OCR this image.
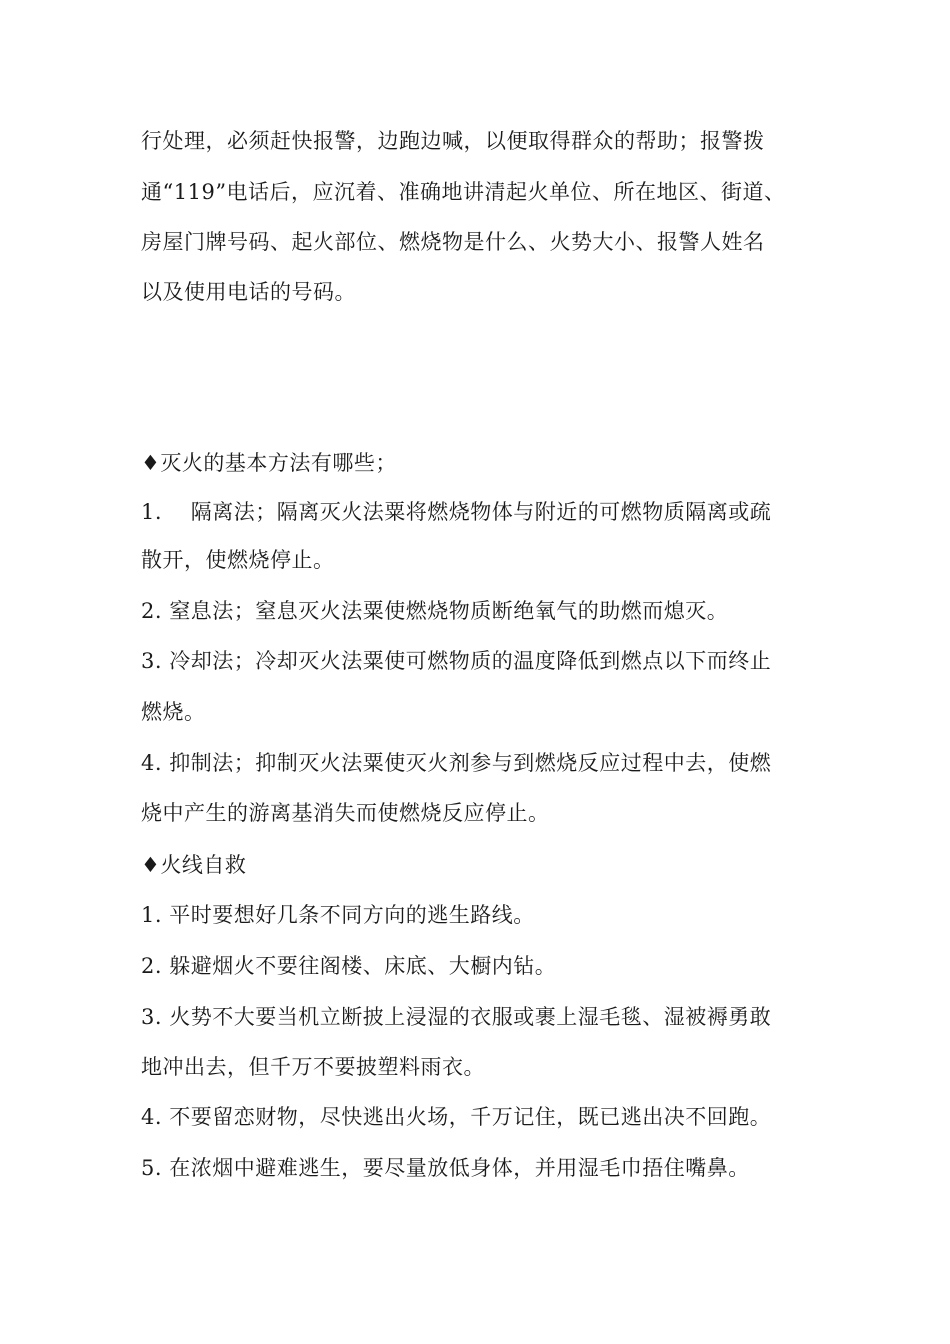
行处理，必须赶快报警，边跑边喊，以便取得群众的帮助；报警拨
通“119”电话后，应沉着、准确地讲清起火单位、所在地区、街道、
房屋门牌号码、起火部位、燃烧物是什么、火势大小、报警人姓名
以及使用电话的号码。
♦灭火的基本方法有哪些；
1.    隔离法；隔离灭火法粟将燃烧物体与附近的可燃物质隔离或疏
散开，使燃烧停止。
2. 窒息法；窒息灭火法粟使燃烧物质断绝氧气的助燃而熄灭。
3. 冷却法；冷却灭火法粟使可燃物质的温度降低到燃点以下而终止
燃烧。
4. 抑制法；抑制灭火法粟使灭火剂参与到燃烧反应过程中去，使燃
烧中产生的游离基消失而使燃烧反应停止。
♦火线自救
1. 平时要想好几条不同方向的逃生路线。
2. 躲避烟火不要往阁楼、床底、大橱内钻。
3. 火势不大要当机立断披上浸湿的衣服或裹上湿毛毯、湿被褥勇敢
地冲出去，但千万不要披塑料雨衣。
4. 不要留恋财物，尽快逃出火场，千万记住，既已逃出决不回跑。
5. 在浓烟中避难逃生，要尽量放低身体，并用湿毛巾捂住嘴鼻。
